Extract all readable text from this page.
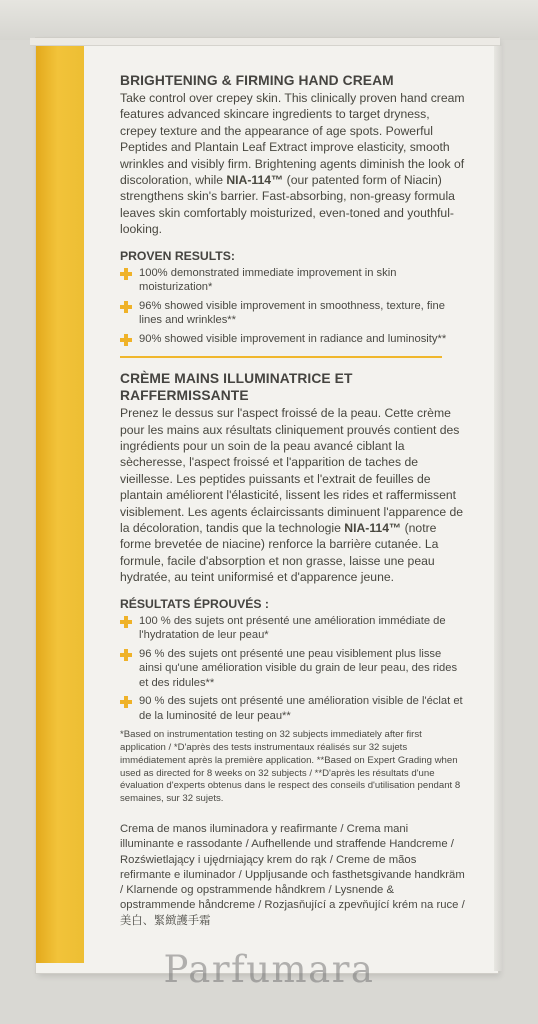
BRIGHTENING & FIRMING HAND CREAM

Take control over crepey skin. This clinically proven hand cream features advanced skincare ingredients to target dryness, crepey texture and the appearance of age spots. Powerful Peptides and Plantain Leaf Extract improve elasticity, smooth wrinkles and visibly firm. Brightening agents diminish the look of discoloration, while NIA-114™ (our patented form of Niacin) strengthens skin's barrier. Fast-absorbing, non-greasy formula leaves skin comfortably moisturized, even-toned and youthful-looking.

PROVEN RESULTS:
100% demonstrated immediate improvement in skin moisturization*
96% showed visible improvement in smoothness, texture, fine lines and wrinkles**
90% showed visible improvement in radiance and luminosity**
CRÈME MAINS ILLUMINATRICE ET RAFFERMISSANTE

Prenez le dessus sur l'aspect froissé de la peau. Cette crème pour les mains aux résultats cliniquement prouvés contient des ingrédients pour un soin de la peau avancé ciblant la sècheresse, l'aspect froissé et l'apparition de taches de vieillesse. Les peptides puissants et l'extrait de feuilles de plantain améliorent l'élasticité, lissent les rides et raffermissent visiblement. Les agents éclaircissants diminuent l'apparence de la décoloration, tandis que la technologie NIA-114™ (notre forme brevetée de niacine) renforce la barrière cutanée. La formule, facile d'absorption et non grasse, laisse une peau hydratée, au teint uniformisé et d'apparence jeune.

RÉSULTATS ÉPROUVÉS :
100 % des sujets ont présenté une amélioration immédiate de l'hydratation de leur peau*
96 % des sujets ont présenté une peau visiblement plus lisse ainsi qu'une amélioration visible du grain de leur peau, des rides et des ridules**
90 % des sujets ont présenté une amélioration visible de l'éclat et de la luminosité de leur peau**

*Based on instrumentation testing on 32 subjects immediately after first application / *D'après des tests instrumentaux réalisés sur 32 sujets immédiatement après la première application. **Based on Expert Grading when used as directed for 8 weeks on 32 subjects / **D'après les résultats d'une évaluation d'experts obtenus dans le respect des conseils d'utilisation pendant 8 semaines, sur 32 sujets.

Crema de manos iluminadora y reafirmante / Crema mani illuminante e rassodante / Aufhellende und straffende Handcreme / Rozświetlający i ujędrniający krem do rąk / Creme de mãos refirmante e iluminador / Uppljusande och fasthetsgivande handkräm / Klarnende og opstrammende håndkrem / Lysnende & opstrammende håndcreme / Rozjasňující a zpevňující krém na ruce / 美白、緊緻護手霜

Parfumara
